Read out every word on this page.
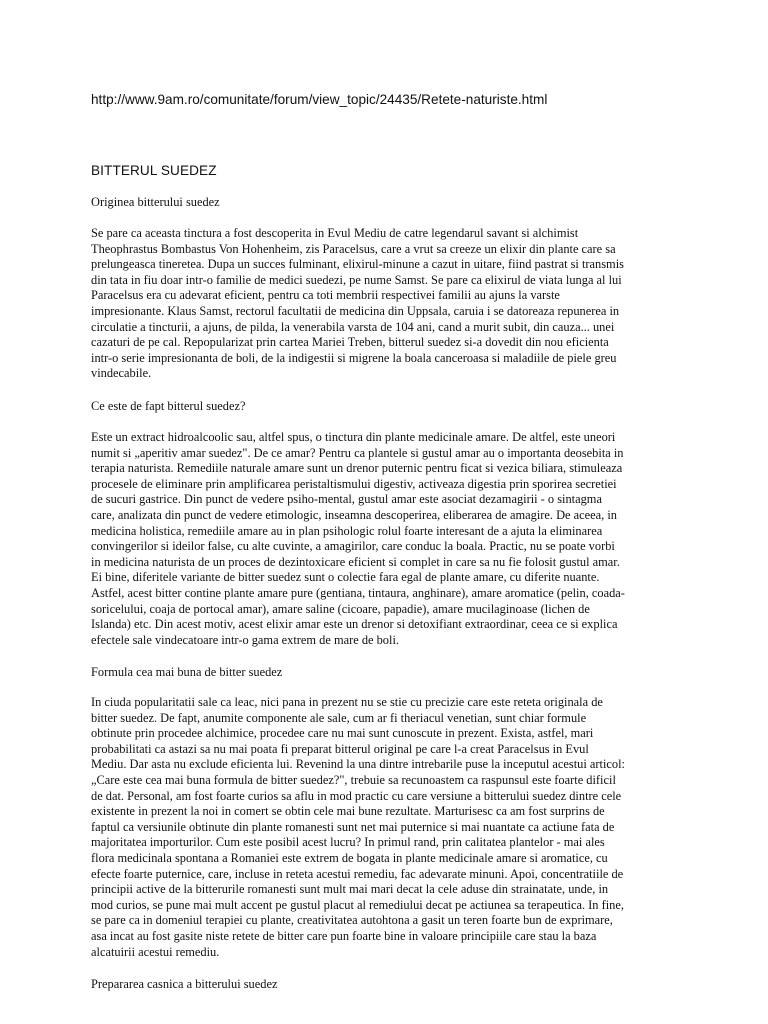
http://www.9am.ro/comunitate/forum/view_topic/24435/Retete-naturiste.html
BITTERUL SUEDEZ
Originea bitterului suedez
Se pare ca aceasta tinctura a fost descoperita in Evul Mediu de catre legendarul savant si alchimist
Theophrastus Bombastus Von Hohenheim, zis Paracelsus, care a vrut sa creeze un elixir din plante care sa
prelungeasca tineretea. Dupa un succes fulminant, elixirul-minune a cazut in uitare, fiind pastrat si transmis
din tata in fiu doar intr-o familie de medici suedezi, pe nume Samst. Se pare ca elixirul de viata lunga al lui
Paracelsus era cu adevarat eficient, pentru ca toti membrii respectivei familii au ajuns la varste
impresionante. Klaus Samst, rectorul facultatii de medicina din Uppsala, caruia i se datoreaza repunerea in
circulatie a tincturii, a ajuns, de pilda, la venerabila varsta de 104 ani, cand a murit subit, din cauza... unei
cazaturi de pe cal. Repopularizat prin cartea Mariei Treben, bitterul suedez si-a dovedit din nou eficienta
intr-o serie impresionanta de boli, de la indigestii si migrene la boala canceroasa si maladiile de piele greu
vindecabile.
Ce este de fapt bitterul suedez?
Este un extract hidroalcoolic sau, altfel spus, o tinctura din plante medicinale amare. De altfel, este uneori
numit si „aperitiv amar suedez". De ce amar? Pentru ca plantele si gustul amar au o importanta deosebita in
terapia naturista. Remediile naturale amare sunt un drenor puternic pentru ficat si vezica biliara, stimuleaza
procesele de eliminare prin amplificarea peristaltismului digestiv, activeaza digestia prin sporirea secretiei
de sucuri gastrice. Din punct de vedere psiho-mental, gustul amar este asociat dezamagirii - o sintagma
care, analizata din punct de vedere etimologic, inseamna descoperirea, eliberarea de amagire. De aceea, in
medicina holistica, remediile amare au in plan psihologic rolul foarte interesant de a ajuta la eliminarea
convingerilor si ideilor false, cu alte cuvinte, a amagirilor, care conduc la boala. Practic, nu se poate vorbi
in medicina naturista de un proces de dezintoxicare eficient si complet in care sa nu fie folosit gustul amar.
Ei bine, diferitele variante de bitter suedez sunt o colectie fara egal de plante amare, cu diferite nuante.
Astfel, acest bitter contine plante amare pure (gentiana, tintaura, anghinare), amare aromatice (pelin, coada-
soricelului, coaja de portocal amar), amare saline (cicoare, papadie), amare mucilaginoase (lichen de
Islanda) etc. Din acest motiv, acest elixir amar este un drenor si detoxifiant extraordinar, ceea ce si explica
efectele sale vindecatoare intr-o gama extrem de mare de boli.
Formula cea mai buna de bitter suedez
In ciuda popularitatii sale ca leac, nici pana in prezent nu se stie cu precizie care este reteta originala de
bitter suedez. De fapt, anumite componente ale sale, cum ar fi theriacul venetian, sunt chiar formule
obtinute prin procedee alchimice, procedee care nu mai sunt cunoscute in prezent. Exista, astfel, mari
probabilitati ca astazi sa nu mai poata fi preparat bitterul original pe care l-a creat Paracelsus in Evul
Mediu. Dar asta nu exclude eficienta lui. Revenind la una dintre intrebarile puse la inceputul acestui articol:
„Care este cea mai buna formula de bitter suedez?", trebuie sa recunoastem ca raspunsul este foarte dificil
de dat. Personal, am fost foarte curios sa aflu in mod practic cu care versiune a bitterului suedez dintre cele
existente in prezent la noi in comert se obtin cele mai bune rezultate. Marturisesc ca am fost surprins de
faptul ca versiunile obtinute din plante romanesti sunt net mai puternice si mai nuantate ca actiune fata de
majoritatea importurilor. Cum este posibil acest lucru? In primul rand, prin calitatea plantelor - mai ales
flora medicinala spontana a Romaniei este extrem de bogata in plante medicinale amare si aromatice, cu
efecte foarte puternice, care, incluse in reteta acestui remediu, fac adevarate minuni. Apoi, concentratiile de
principii active de la bitterurile romanesti sunt mult mai mari decat la cele aduse din strainatate, unde, in
mod curios, se pune mai mult accent pe gustul placut al remediului decat pe actiunea sa terapeutica. In fine,
se pare ca in domeniul terapiei cu plante, creativitatea autohtona a gasit un teren foarte bun de exprimare,
asa incat au fost gasite niste retete de bitter care pun foarte bine in valoare principiile care stau la baza
alcatuirii acestui remediu.
Prepararea casnica a bitterului suedez
